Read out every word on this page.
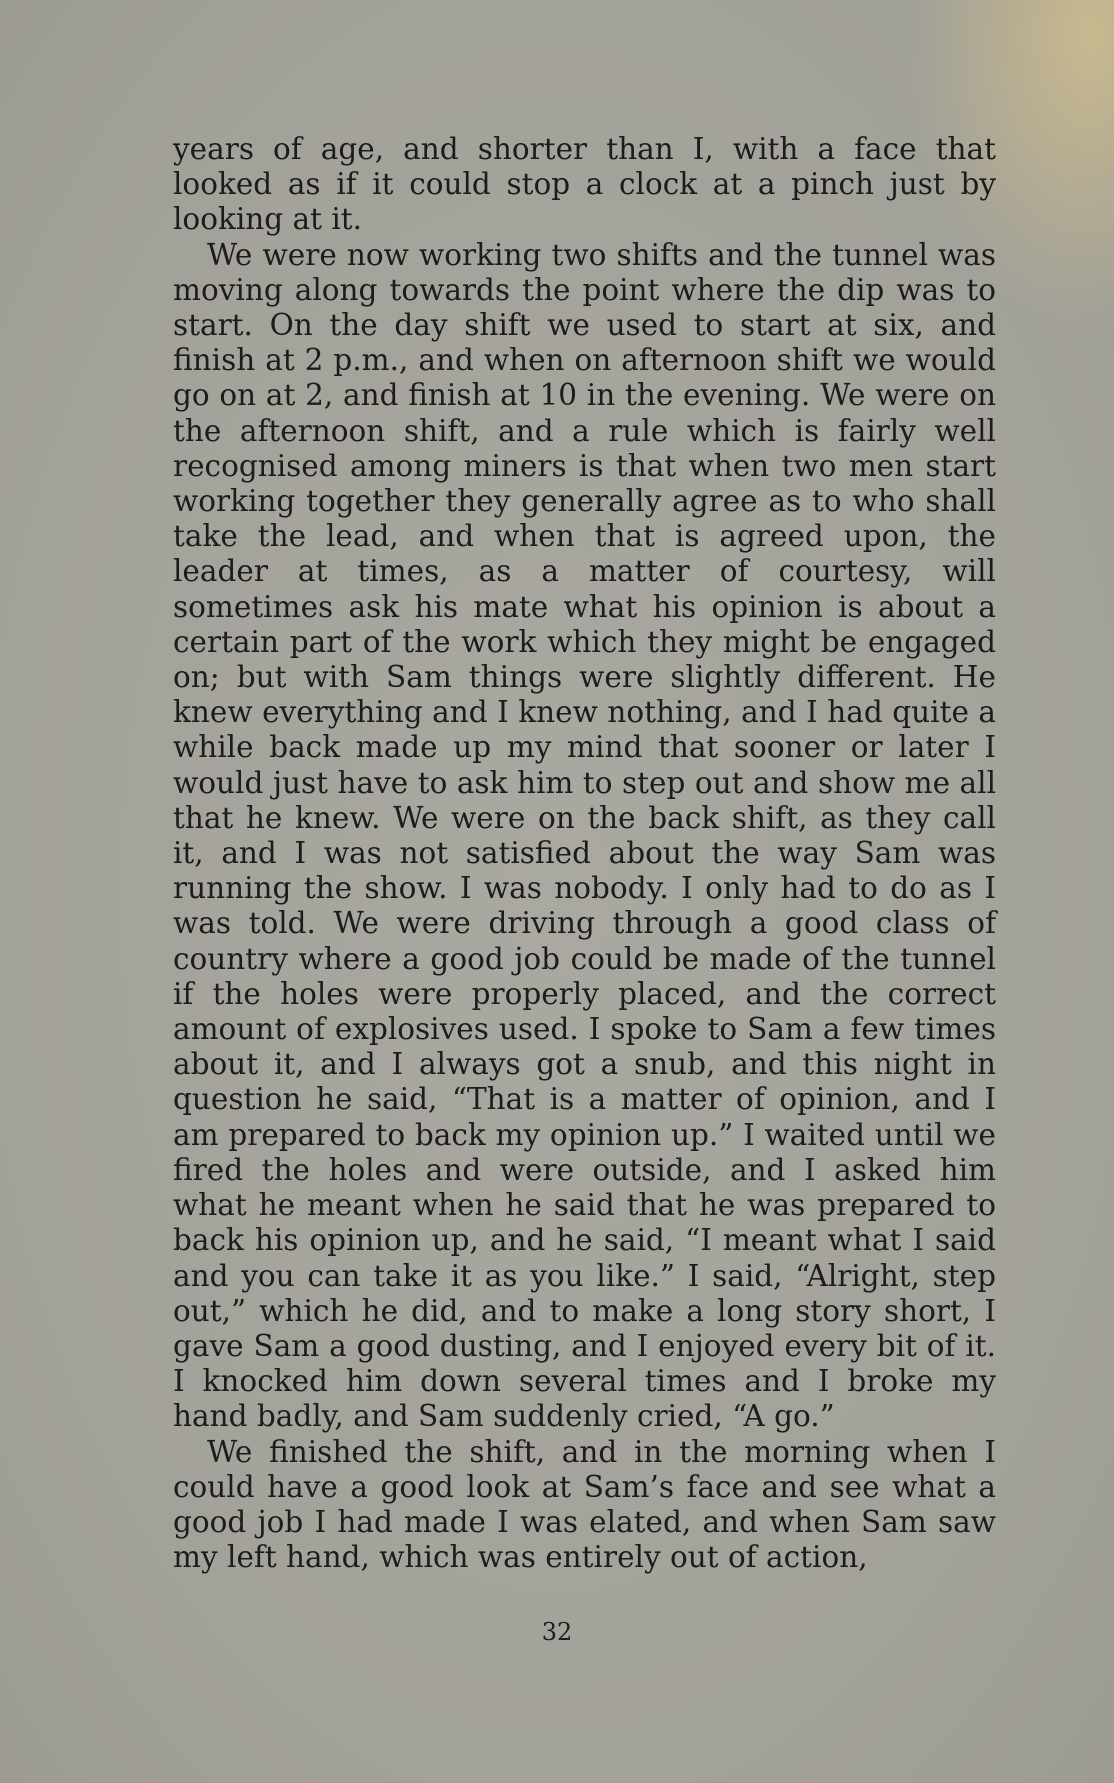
years of age, and shorter than I, with a face that looked as if it could stop a clock at a pinch just by looking at it.

We were now working two shifts and the tunnel was moving along towards the point where the dip was to start. On the day shift we used to start at six, and finish at 2 p.m., and when on afternoon shift we would go on at 2, and finish at 10 in the evening. We were on the afternoon shift, and a rule which is fairly well recognised among miners is that when two men start working together they generally agree as to who shall take the lead, and when that is agreed upon, the leader at times, as a matter of courtesy, will sometimes ask his mate what his opinion is about a certain part of the work which they might be engaged on; but with Sam things were slightly different. He knew everything and I knew nothing, and I had quite a while back made up my mind that sooner or later I would just have to ask him to step out and show me all that he knew. We were on the back shift, as they call it, and I was not satisfied about the way Sam was running the show. I was nobody. I only had to do as I was told. We were driving through a good class of country where a good job could be made of the tunnel if the holes were properly placed, and the correct amount of explosives used. I spoke to Sam a few times about it, and I always got a snub, and this night in question he said, “That is a matter of opinion, and I am prepared to back my opinion up.” I waited until we fired the holes and were outside, and I asked him what he meant when he said that he was prepared to back his opinion up, and he said, “I meant what I said and you can take it as you like.” I said, “Alright, step out,” which he did, and to make a long story short, I gave Sam a good dusting, and I enjoyed every bit of it. I knocked him down several times and I broke my hand badly, and Sam suddenly cried, “A go.”

We finished the shift, and in the morning when I could have a good look at Sam’s face and see what a good job I had made I was elated, and when Sam saw my left hand, which was entirely out of action,

32
